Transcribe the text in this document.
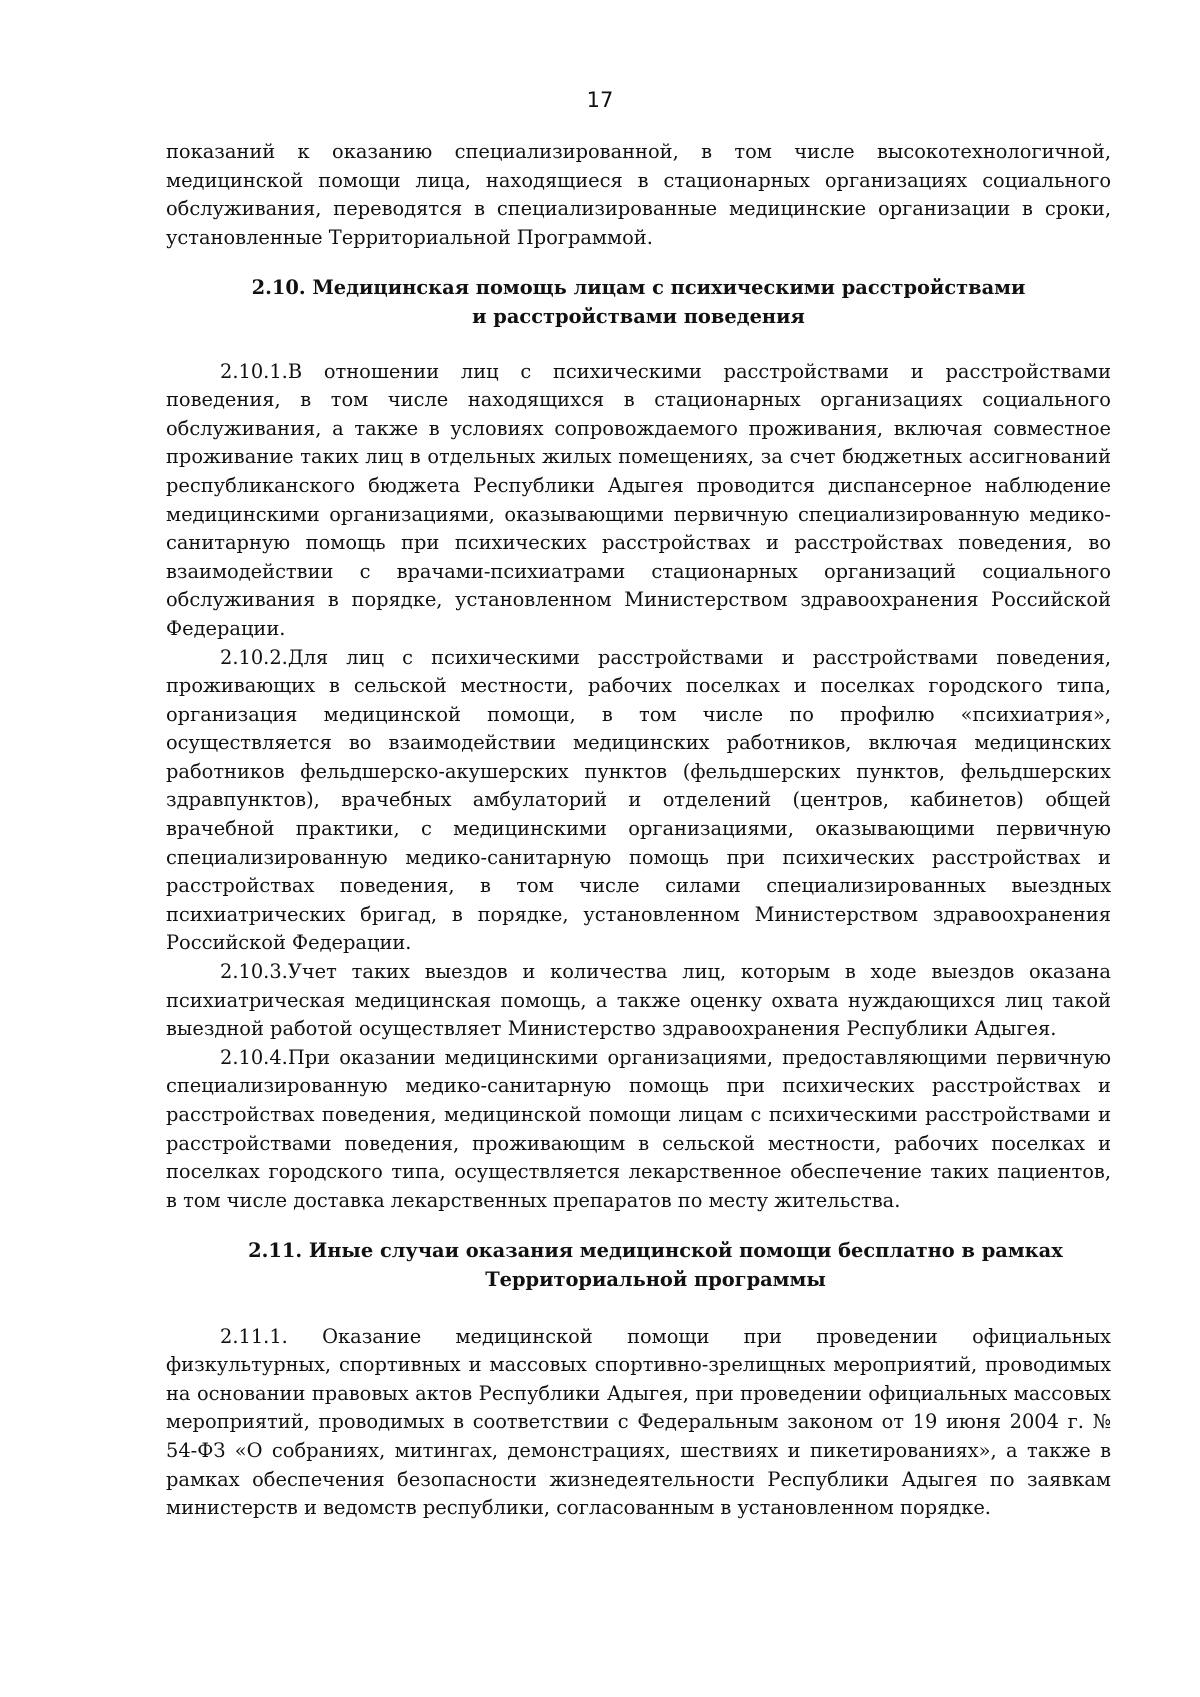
17

показаний к оказанию специализированной, в том числе высокотехнологичной, медицинской помощи лица, находящиеся в стационарных организациях социального обслуживания, переводятся в специализированные медицинские организации в сроки, установленные Территориальной Программой.

2.10. Медицинская помощь лицам с психическими расстройствами
и расстройствами поведения

2.10.1.В отношении лиц с психическими расстройствами и расстройствами поведения, в том числе находящихся в стационарных организациях социального обслуживания, а также в условиях сопровождаемого проживания, включая совместное проживание таких лиц в отдельных жилых помещениях, за счет бюджетных ассигнований республиканского бюджета Республики Адыгея проводится диспансерное наблюдение медицинскими организациями, оказывающими первичную специализированную медико-санитарную помощь при психических расстройствах и расстройствах поведения, во взаимодействии с врачами-психиатрами стационарных организаций социального обслуживания в порядке, установленном Министерством здравоохранения Российской Федерации.

2.10.2.Для лиц с психическими расстройствами и расстройствами поведения, проживающих в сельской местности, рабочих поселках и поселках городского типа, организация медицинской помощи, в том числе по профилю «психиатрия», осуществляется во взаимодействии медицинских работников, включая медицинских работников фельдшерско-акушерских пунктов (фельдшерских пунктов, фельдшерских здравпунктов), врачебных амбулаторий и отделений (центров, кабинетов) общей врачебной практики, с медицинскими организациями, оказывающими первичную специализированную медико-санитарную помощь при психических расстройствах и расстройствах поведения, в том числе силами специализированных выездных психиатрических бригад, в порядке, установленном Министерством здравоохранения Российской Федерации.

2.10.3.Учет таких выездов и количества лиц, которым в ходе выездов оказана психиатрическая медицинская помощь, а также оценку охвата нуждающихся лиц такой выездной работой осуществляет Министерство здравоохранения Республики Адыгея.

2.10.4.При оказании медицинскими организациями, предоставляющими первичную специализированную медико-санитарную помощь при психических расстройствах и расстройствах поведения, медицинской помощи лицам с психическими расстройствами и расстройствами поведения, проживающим в сельской местности, рабочих поселках и поселках городского типа, осуществляется лекарственное обеспечение таких пациентов, в том числе доставка лекарственных препаратов по месту жительства.

2.11. Иные случаи оказания медицинской помощи бесплатно в рамках
Территориальной программы

2.11.1. Оказание медицинской помощи при проведении официальных физкультурных, спортивных и массовых спортивно-зрелищных мероприятий, проводимых на основании правовых актов Республики Адыгея, при проведении официальных массовых мероприятий, проводимых в соответствии с Федеральным законом от 19 июня 2004 г. № 54-ФЗ «О собраниях, митингах, демонстрациях, шествиях и пикетированиях», а также в рамках обеспечения безопасности жизнедеятельности Республики Адыгея по заявкам министерств и ведомств республики, согласованным в установленном порядке.
